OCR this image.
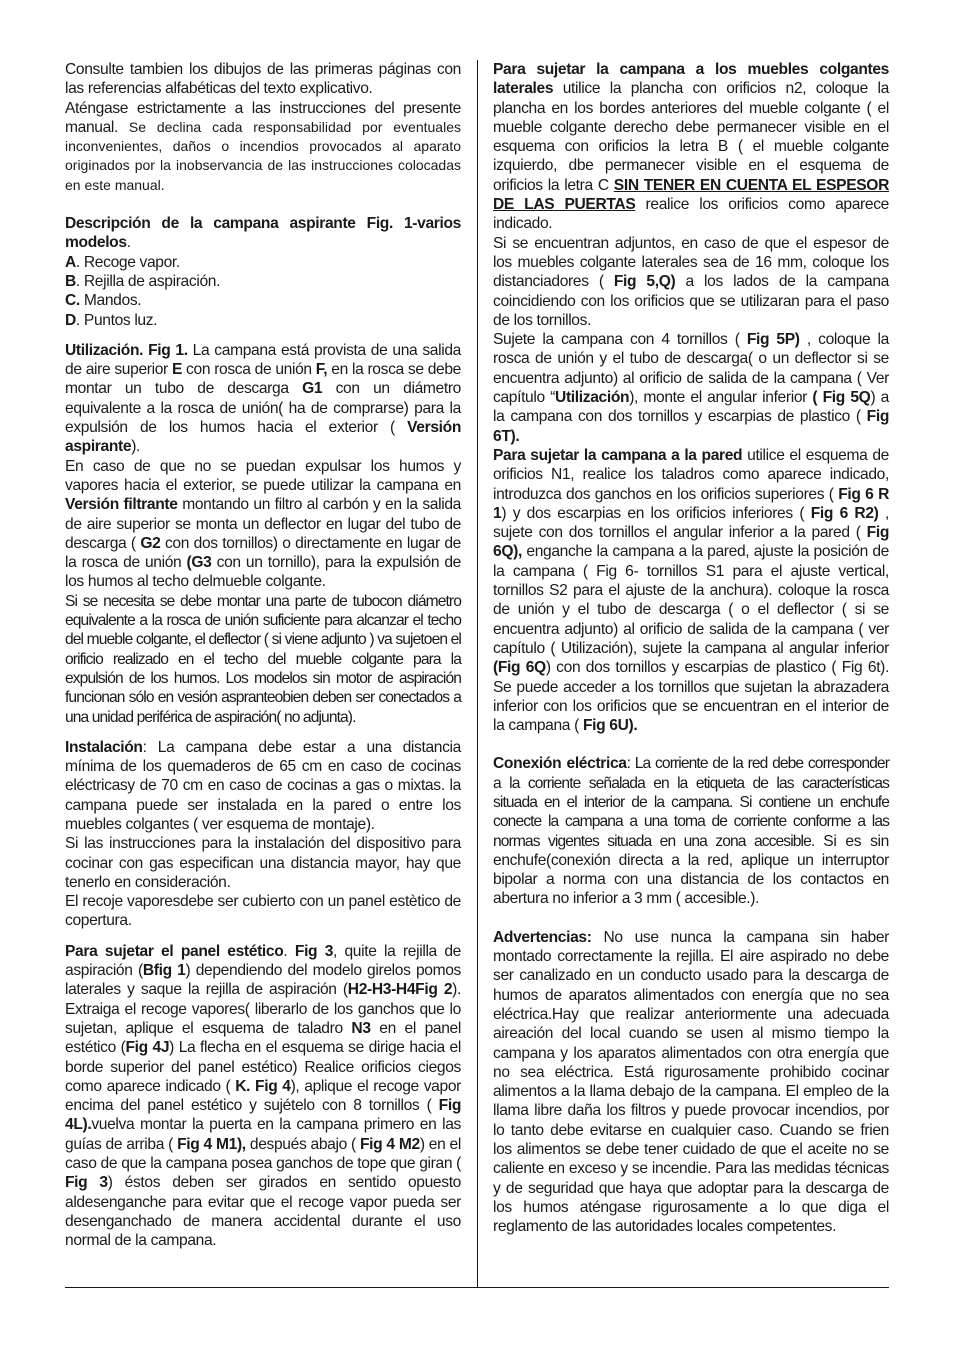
Consulte tambien los dibujos de las primeras páginas con las referencias alfabéticas del texto explicativo.
Aténgase estrictamente a las instrucciones del presente manual. Se declina cada responsabilidad por eventuales inconvenientes, daños o incendios provocados al aparato originados por la inobservancia de las instrucciones colocadas en este manual.

Descripción de la campana aspirante Fig. 1-varios modelos.
A. Recoge vapor.
B. Rejilla de aspiración.
C. Mandos.
D. Puntos luz.

Utilización. Fig 1. La campana está provista de una salida de aire superior E con rosca de unión F, en la rosca se debe montar un tubo de descarga G1 con un diámetro equivalente a la rosca de unión( ha de comprarse) para la expulsión de los humos hacia el exterior ( Versión aspirante).

En caso de que no se puedan expulsar los humos y vapores hacia el exterior, se puede utilizar la campana en Versión filtrante montando un filtro al carbón y en la salida de aire superior se monta un deflector en lugar del tubo de descarga ( G2 con dos tornillos) o directamente en lugar de la rosca de unión (G3 con un tornillo), para la expulsión de los humos al techo delmueble colgante.

Si se necesita se debe montar una parte de tubocon diámetro equivalente a la rosca de unión suficiente para alcanzar el techo del mueble colgante, el deflector ( si viene adjunto ) va sujetoen el orificio realizado en el techo del mueble colgante para la expulsión de los humos. Los modelos sin motor de aspiración funcionan sólo en vesión aspranteobien deben ser conectados a una unidad periférica de aspiración( no adjunta).

Instalación: La campana debe estar a una distancia mínima de los quemaderos de 65 cm en caso de cocinas eléctricasy de 70 cm en caso de cocinas a gas o mixtas. la campana puede ser instalada en la pared o entre los muebles colgantes ( ver esquema de montaje).

Si las instrucciones para la instalación del dispositivo para cocinar con gas especifican una distancia mayor, hay que tenerlo en consideración.

El recoje vaporesdebe ser cubierto con un panel estètico de copertura.

Para sujetar el panel estético. Fig 3, quite la rejilla de aspiración (Bfig 1) dependiendo del modelo girelos pomos laterales y saque la rejilla de aspiración (H2-H3-H4Fig 2). Extraiga el recoge vapores( liberarlo de los ganchos que lo sujetan, aplique el esquema de taladro N3 en el panel estético (Fig 4J) La flecha en el esquema se dirige hacia el borde superior del panel estético) Realice orificios ciegos como aparece indicado ( K. Fig 4), aplique el recoge vapor encima del panel estético y sujételo con 8 tornillos ( Fig 4L).vuelva montar la puerta en la campana primero en las guías de arriba ( Fig 4 M1), después abajo ( Fig 4 M2) en el caso de que la campana posea ganchos de tope que giran ( Fig 3) éstos deben ser girados en sentido opuesto aldesenganche para evitar que el recoge vapor pueda ser desenganchado de manera accidental durante el uso normal de la campana.

Para sujetar la campana a los muebles colgantes laterales utilice la plancha con orificios n2, coloque la plancha en los bordes anteriores del mueble colgante ( el mueble colgante derecho debe permanecer visible en el esquema con orificios la letra B ( el mueble colgante izquierdo, dbe permanecer visible en el esquema de orificios la letra C SIN TENER EN CUENTA EL ESPESOR DE LAS PUERTAS realice los orificios como aparece indicado.

Si se encuentran adjuntos, en caso de que el espesor de los muebles colgante laterales sea de 16 mm, coloque los distanciadores ( Fig 5,Q) a los lados de la campana coincidiendo con los orificios que se utilizaran para el paso de los tornillos.

Sujete la campana con 4 tornillos ( Fig 5P) , coloque la rosca de unión y el tubo de descarga( o un deflector si se encuentra adjunto) al orificio de salida de la campana ( Ver capítulo “Utilización), monte el angular inferior ( Fig 5Q) a la campana con dos tornillos y escarpias de plastico ( Fig 6T).

Para sujetar la campana a la pared utilice el esquema de orificios N1, realice los taladros como aparece indicado, introduzca dos ganchos en los orificios superiores ( Fig 6 R 1) y dos escarpias en los orificios inferiores ( Fig 6 R2) , sujete con dos tornillos el angular inferior a la pared ( Fig 6Q), enganche la campana a la pared, ajuste la posición de la campana ( Fig 6- tornillos S1 para el ajuste vertical, tornillos S2 para el ajuste de la anchura). coloque la rosca de unión y el tubo de descarga ( o el deflector ( si se encuentra adjunto) al orificio de salida de la campana ( ver capítulo ( Utilización), sujete la campana al angular inferior (Fig 6Q) con dos tornillos y escarpias de plastico ( Fig 6t). Se puede acceder a los tornillos que sujetan la abrazadera inferior con los orificios que se encuentran en el interior de la campana ( Fig 6U).

Conexión eléctrica: La corriente de la red debe corresponder a la corriente señalada en la etiqueta de las características situada en el interior de la campana. Si contiene un enchufe conecte la campana a una toma de corriente conforme a las normas vigentes situada en una zona accesible. Si es sin enchufe(conexión directa a la red, aplique un interruptor bipolar a norma con una distancia de los contactos en abertura no inferior a 3 mm ( accesible.).

Advertencias: No use nunca la campana sin haber montado correctamente la rejilla. El aire aspirado no debe ser canalizado en un conducto usado para la descarga de humos de aparatos alimentados con energía que no sea eléctrica.Hay que realizar anteriormente una adecuada aireación del local cuando se usen al mismo tiempo la campana y los aparatos alimentados con otra energía que no sea eléctrica. Está rigurosamente prohibido cocinar alimentos a la llama debajo de la campana. El empleo de la llama libre daña los filtros y puede provocar incendios, por lo tanto debe evitarse en cualquier caso. Cuando se frien los alimentos se debe tener cuidado de que el aceite no se caliente en exceso y se incendie. Para las medidas técnicas y de seguridad que haya que adoptar para la descarga de los humos aténgase rigurosamente a lo que diga el reglamento de las autoridades locales competentes.
